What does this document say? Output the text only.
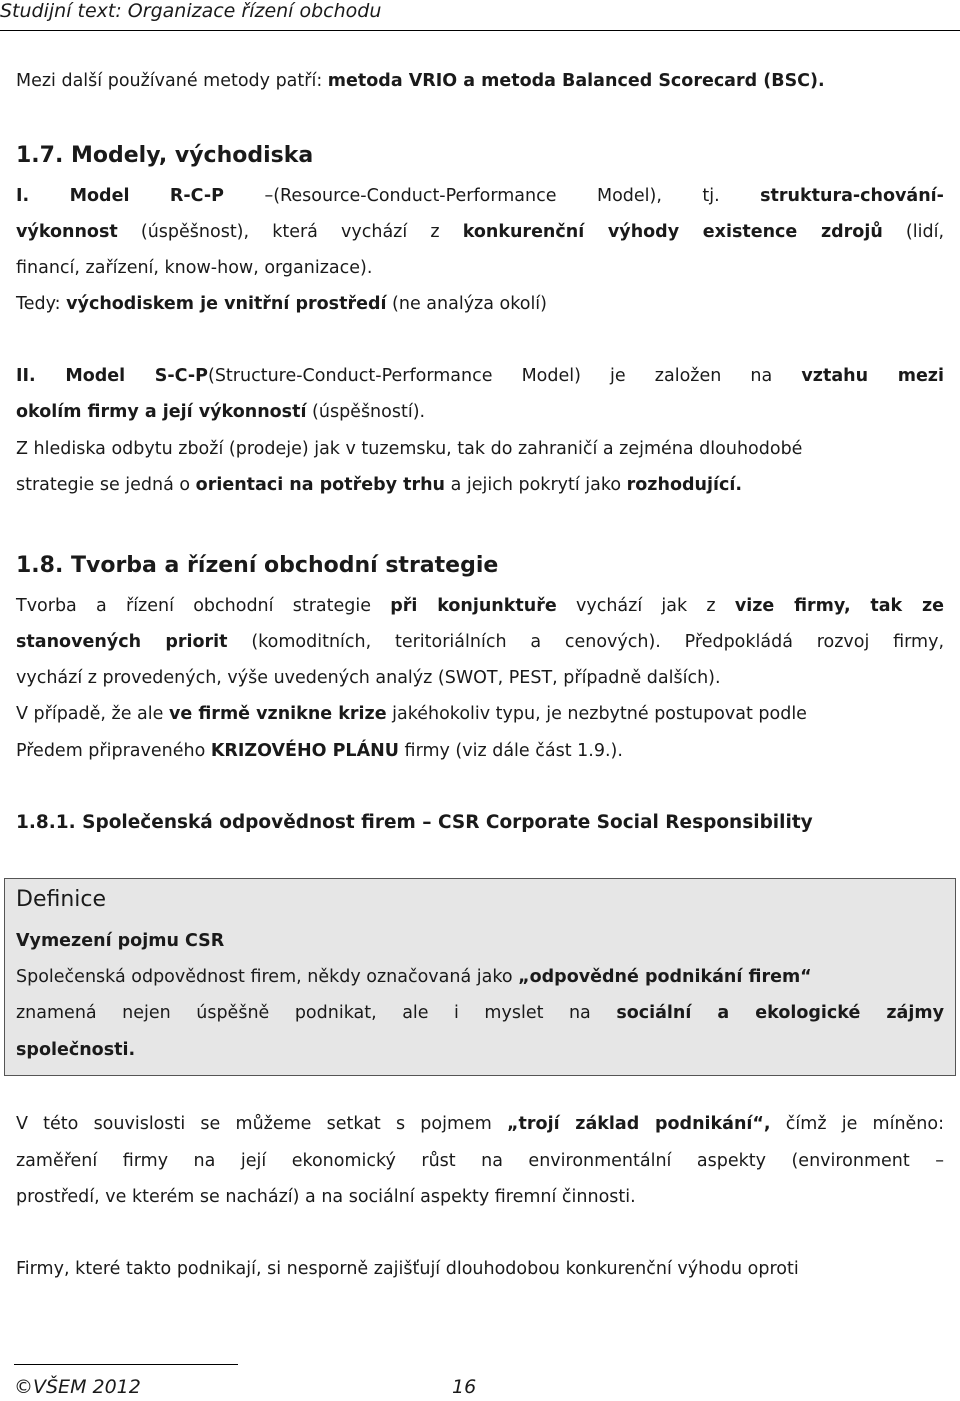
Studijní text: Organizace řízení obchodu
Mezi další používané metody patří: metoda VRIO a metoda Balanced Scorecard (BSC).
1.7. Modely, východiska
I. Model R-C-P –(Resource-Conduct-Performance Model), tj. struktura-chování-
výkonnost (úspěšnost), která vychází z konkurenční výhody existence zdrojů (lidí,
financí, zařízení, know-how, organizace).
Tedy: východiskem je vnitřní prostředí (ne analýza okolí)
II. Model S-C-P(Structure-Conduct-Performance Model) je založen na vztahu mezi
okolím firmy a její výkonností (úspěšností).
Z hlediska odbytu zboží (prodeje) jak v tuzemsku, tak do zahraničí a zejména dlouhodobé
strategie se jedná o orientaci na potřeby trhu a jejich pokrytí jako rozhodující.
1.8. Tvorba a řízení obchodní strategie
Tvorba a řízení obchodní strategie při konjunktuře vychází jak z vize firmy, tak ze
stanovených priorit (komoditních, teritoriálních a cenových). Předpokládá rozvoj firmy,
vychází z provedených, výše uvedených analýz (SWOT, PEST, případně dalších).
V případě, že ale ve firmě vznikne krize jakéhokoliv typu, je nezbytné postupovat podle
Předem připraveného KRIZOVÉHO PLÁNU firmy (viz dále část 1.9.).
1.8.1. Společenská odpovědnost firem – CSR Corporate Social Responsibility
Definice
Vymezení pojmu CSR
Společenská odpovědnost firem, někdy označovaná jako „odpovědné podnikání firem“
znamená nejen úspěšně podnikat, ale i myslet na sociální a ekologické zájmy
společnosti.
V této souvislosti se můžeme setkat s pojmem „trojí základ podnikání“, čímž je míněno:
zaměření firmy na její ekonomický růst na environmentální aspekty (environment –
prostředí, ve kterém se nachází) a na sociální aspekty firemní činnosti.
Firmy, které takto podnikají, si nesporně zajišťují dlouhodobou konkurenční výhodu oproti
©VŠEM 2012	16
